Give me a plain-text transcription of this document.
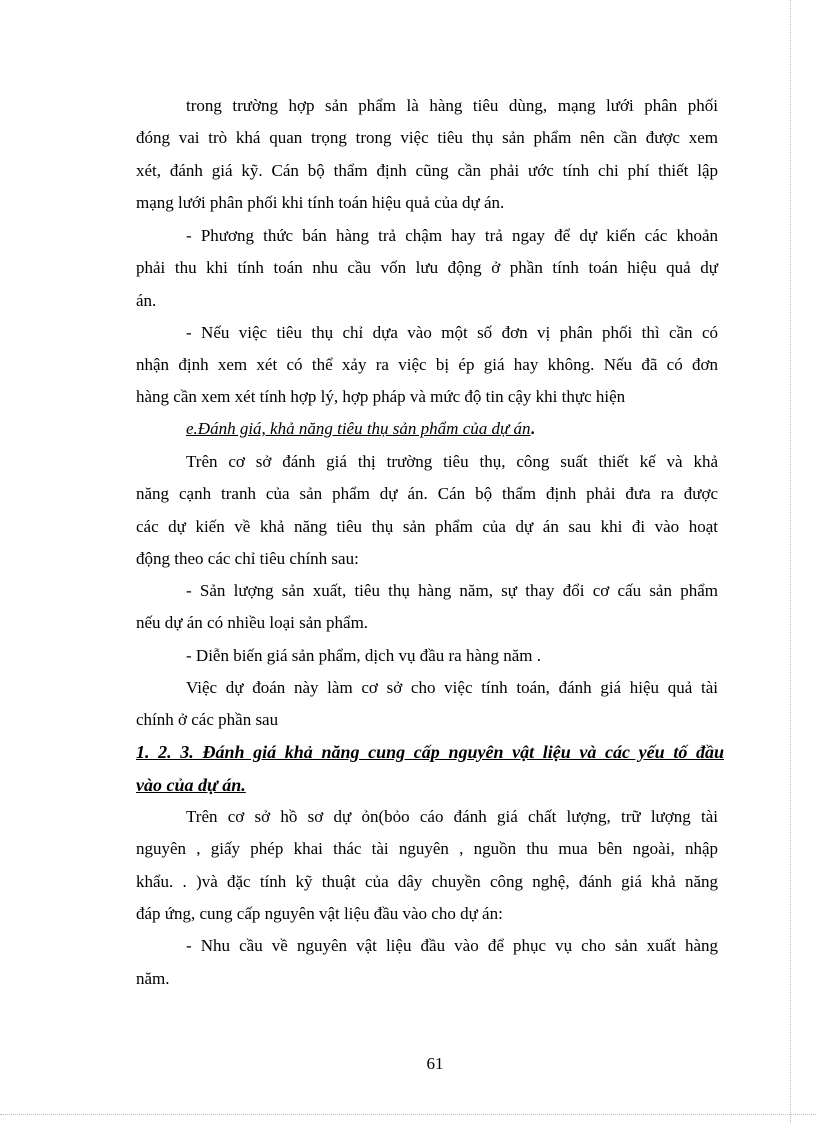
trong trường hợp sản phẩm là hàng tiêu dùng, mạng lưới phân phối
đóng vai trò khá quan trọng trong việc tiêu thụ sản phẩm nên cần được xem
xét, đánh giá kỹ. Cán bộ thẩm định cũng cần phải ước tính chi phí thiết lập
mạng lưới phân phối khi tính toán hiệu quả của dự án.
- Phương thức bán hàng trả chậm hay trả ngay để dự kiến các khoản
phải thu khi tính toán nhu cầu vốn lưu động ở phần tính toán hiệu quả dự
án.
- Nếu việc tiêu thụ chỉ dựa vào một số đơn vị phân phối thì cần có
nhận định xem xét có thể xảy ra việc bị ép giá hay không. Nếu đã có đơn
hàng cần xem xét tính hợp lý, hợp pháp và mức độ tin cậy khi thực hiện
e.Đánh giá, khả năng tiêu thụ sản phẩm của dự án.
Trên cơ sở đánh giá thị trường tiêu thụ, công suất thiết kế và khả
năng cạnh tranh của sản phẩm dự án. Cán bộ thẩm định phải đưa ra được
các dự kiến về khả năng tiêu thụ sản phẩm của dự án sau khi đi vào hoạt
động theo các chỉ tiêu chính sau:
- Sản lượng sản xuất, tiêu thụ hàng năm, sự thay đổi cơ cấu sản phẩm
nếu dự án có nhiều loại sản phẩm.
- Diễn biến giá sản phẩm, dịch vụ đầu ra hàng năm .
Việc dự đoán này làm cơ sở cho việc tính toán, đánh giá hiệu quả tài
chính ở các phần sau
1. 2. 3. Đánh giá khả năng cung cấp nguyên vật liệu và các yếu tố đầu
vào của dự án.
Trên cơ sở hồ sơ dự ỏn(bỏo cáo đánh giá chất lượng, trữ lượng tài
nguyên , giấy phép khai thác tài nguyên , nguồn thu mua bên ngoài, nhập
khẩu. . )và đặc tính kỹ thuật của dây chuyền công nghệ, đánh giá khả năng
đáp ứng, cung cấp nguyên vật liệu đầu vào cho dự án:
- Nhu cầu về nguyên vật liệu đầu vào để phục vụ cho sản xuất hàng
năm.
61
